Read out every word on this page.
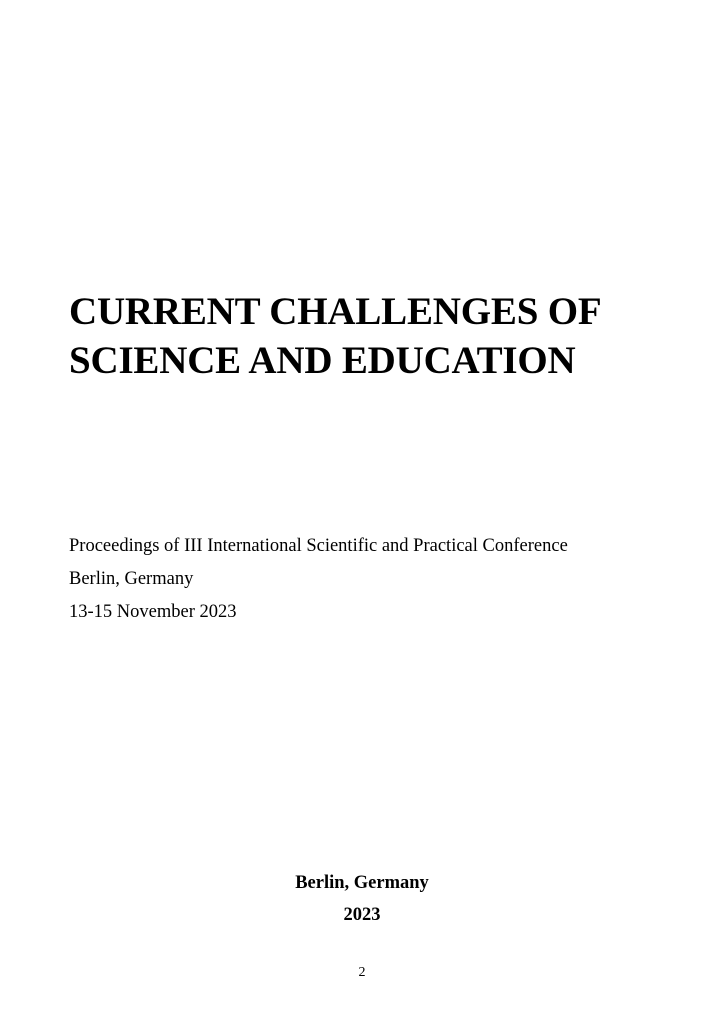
CURRENT CHALLENGES OF
SCIENCE AND EDUCATION
Proceedings of III International Scientific and Practical Conference
Berlin, Germany
13-15 November 2023
Berlin, Germany
2023
2
